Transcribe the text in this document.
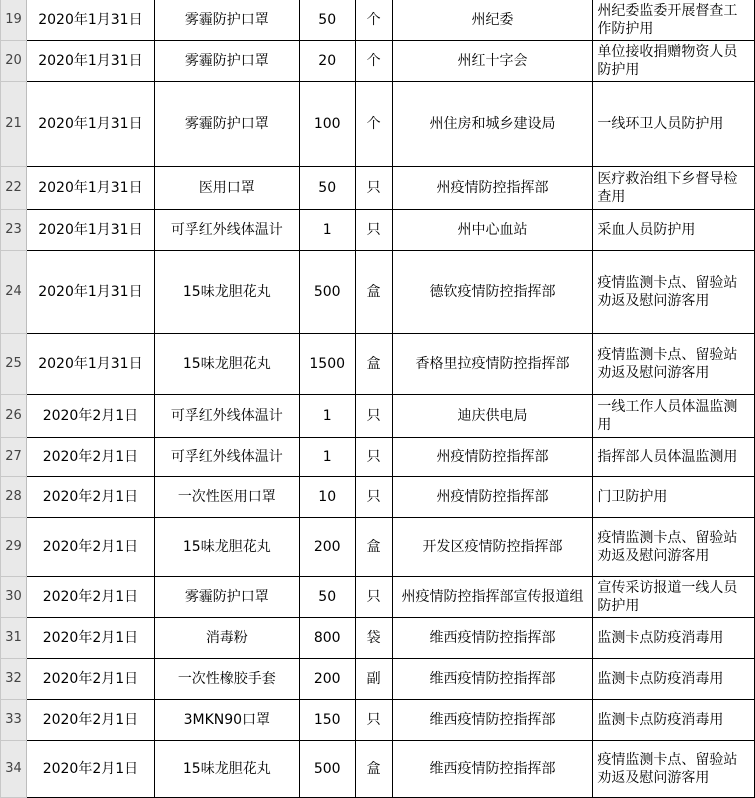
19	2020年1月31日	雾霾防护口罩	50	个	州纪委	州纪委监委开展督查工作防护用
20	2020年1月31日	雾霾防护口罩	20	个	州红十字会	单位接收捐赠物资人员防护用
21	2020年1月31日	雾霾防护口罩	100	个	州住房和城乡建设局	一线环卫人员防护用
22	2020年1月31日	医用口罩	50	只	州疫情防控指挥部	医疗救治组下乡督导检查用
23	2020年1月31日	可孚红外线体温计	1	只	州中心血站	采血人员防护用
24	2020年1月31日	15味龙胆花丸	500	盒	德钦疫情防控指挥部	疫情监测卡点、留验站劝返及慰问游客用
25	2020年1月31日	15味龙胆花丸	1500	盒	香格里拉疫情防控指挥部	疫情监测卡点、留验站劝返及慰问游客用
26	2020年2月1日	可孚红外线体温计	1	只	迪庆供电局	一线工作人员体温监测用
27	2020年2月1日	可孚红外线体温计	1	只	州疫情防控指挥部	指挥部人员体温监测用
28	2020年2月1日	一次性医用口罩	10	只	州疫情防控指挥部	门卫防护用
29	2020年2月1日	15味龙胆花丸	200	盒	开发区疫情防控指挥部	疫情监测卡点、留验站劝返及慰问游客用
30	2020年2月1日	雾霾防护口罩	50	只	州疫情防控指挥部宣传报道组	宣传采访报道一线人员防护用
31	2020年2月1日	消毒粉	800	袋	维西疫情防控指挥部	监测卡点防疫消毒用
32	2020年2月1日	一次性橡胶手套	200	副	维西疫情防控指挥部	监测卡点防疫消毒用
33	2020年2月1日	3MKN90口罩	150	只	维西疫情防控指挥部	监测卡点防疫消毒用
34	2020年2月1日	15味龙胆花丸	500	盒	维西疫情防控指挥部	疫情监测卡点、留验站劝返及慰问游客用
